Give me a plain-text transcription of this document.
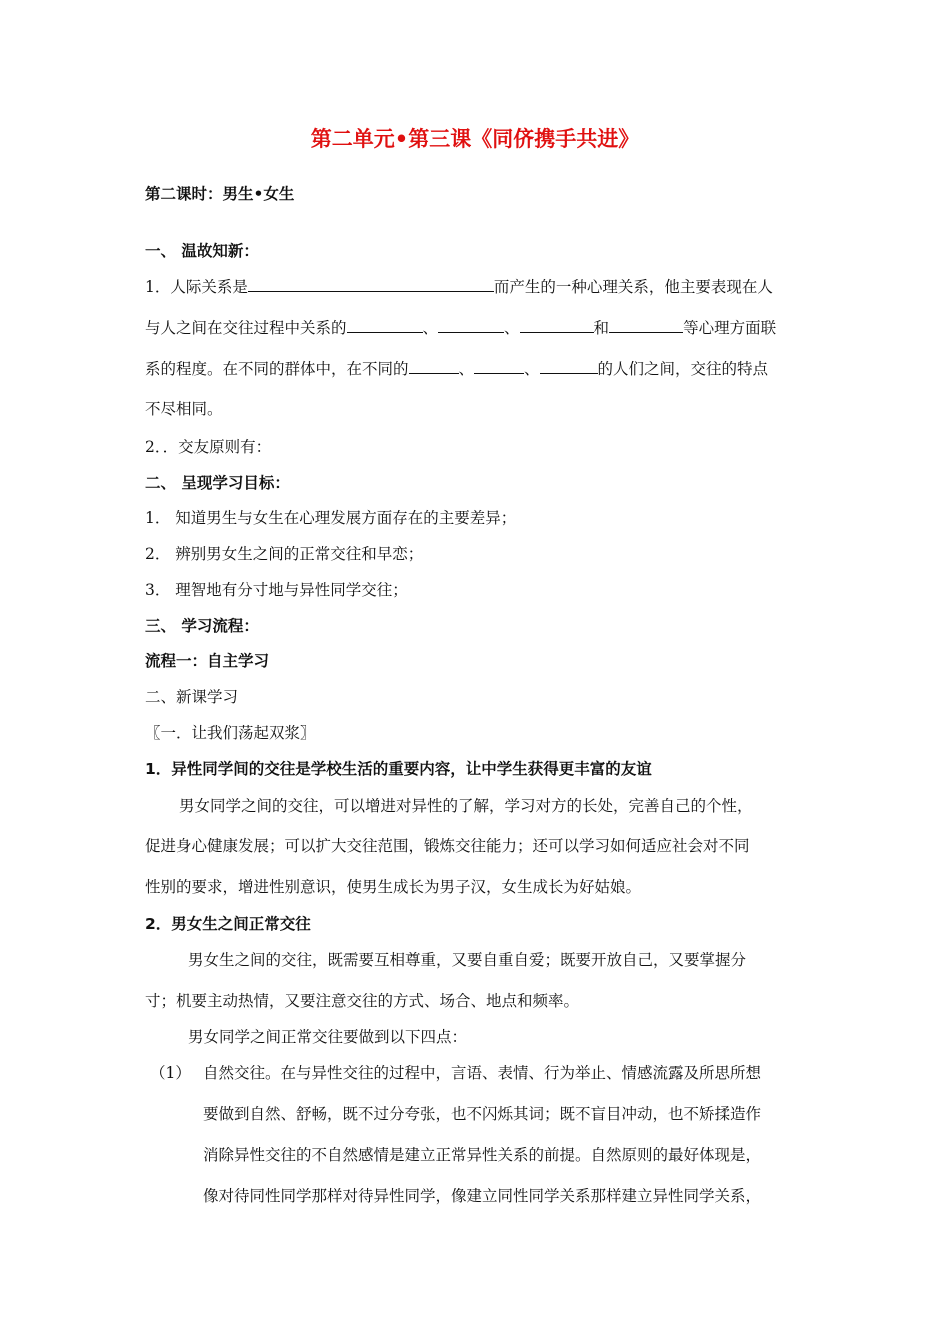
第二单元•第三课《同侪携手共进》
第二课时：男生•女生
一、 温故知新：
1．人际关系是	而产生的一种心理关系，他主要表现在人
与人之间在交往过程中关系的	、	、	和	等心理方面联
系的程度。在不同的群体中，在不同的	、	、	的人们之间，交往的特点
不尽相同。
2．．交友原则有：
二、 呈现学习目标：
1． 知道男生与女生在心理发展方面存在的主要差异；
2． 辨别男女生之间的正常交往和早恋；
3． 理智地有分寸地与异性同学交往；
三、 学习流程：
流程一：自主学习
二、新课学习
〖一．让我们荡起双浆〗
1．异性同学间的交往是学校生活的重要内容，让中学生获得更丰富的友谊
男女同学之间的交往，可以增进对异性的了解，学习对方的长处，完善自己的个性，
促进身心健康发展；可以扩大交往范围，锻炼交往能力；还可以学习如何适应社会对不同
性别的要求，增进性别意识，使男生成长为男子汉，女生成长为好姑娘。
2．男女生之间正常交往
男女生之间的交往，既需要互相尊重，又要自重自爱；既要开放自己，又要掌握分
寸；机要主动热情，又要注意交往的方式、场合、地点和频率。
男女同学之间正常交往要做到以下四点：
（1） 自然交往。在与异性交往的过程中，言语、表情、行为举止、情感流露及所思所想
要做到自然、舒畅，既不过分夸张，也不闪烁其词；既不盲目冲动，也不矫揉造作
消除异性交往的不自然感情是建立正常异性关系的前提。自然原则的最好体现是，
像对待同性同学那样对待异性同学，像建立同性同学关系那样建立异性同学关系，
